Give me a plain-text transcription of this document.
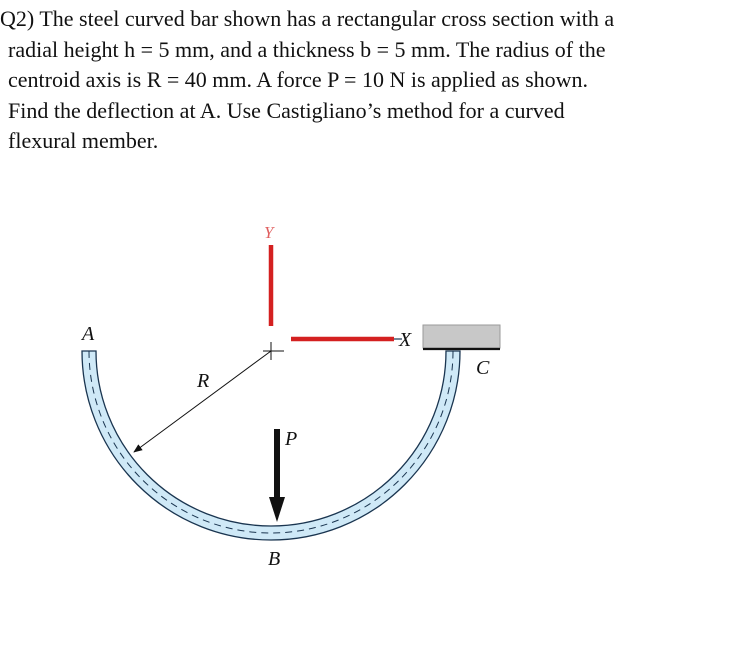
Q2) The steel curved bar shown has a rectangular cross section with a
radial height h = 5 mm, and a thickness b = 5 mm. The radius of the
centroid axis is R = 40 mm. A force P = 10 N is applied as shown.
Find the deflection at A. Use Castigliano’s method for a curved
flexural member.
A
B
C
R
P
X
Y
